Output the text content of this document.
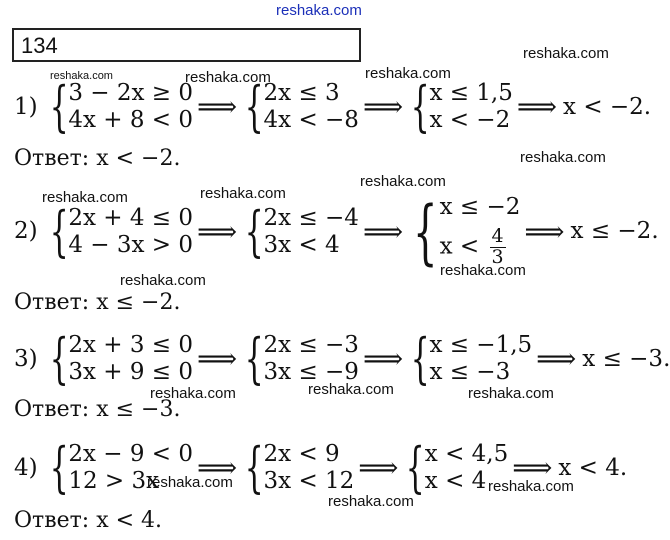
reshaka.com
134
1) { 3 − 2x ≥ 0
4x + 8 < 0 ⟹ { 2x ≤ 3
4x < −8 ⟹ { x ≤ 1,5
x < −2 ⟹ x < −2.
Ответ: x < −2.
2) { 2x + 4 ≤ 0
4 − 3x > 0 ⟹ { 2x ≤ −4
3x < 4 ⟹ { x ≤ −2
$x < \frac{4}{3}$ ⟹ x ≤ −2.
Ответ: x ≤ −2.
3) { 2x + 3 ≤ 0
3x + 9 ≤ 0 ⟹ { 2x ≤ −3
3x ≤ −9 ⟹ { x ≤ −1,5
x ≤ −3 ⟹ x ≤ −3.
Ответ: x ≤ −3.
4) { 2x − 9 < 0
12 > 3x	⟹ { 2x < 9
3x < 12 ⟹ { x < 4,5
x < 4 ⟹ x < 4.
Ответ: x < 4.
reshaka.com
reshaka.com	reshaka.com	reshaka.com
reshaka.com
reshaka.com	reshaka.com
reshaka.com
reshaka.com
reshaka.com
reshaka.com	reshaka.com	reshaka.com
reshaka.com	reshaka.com
reshaka.com
